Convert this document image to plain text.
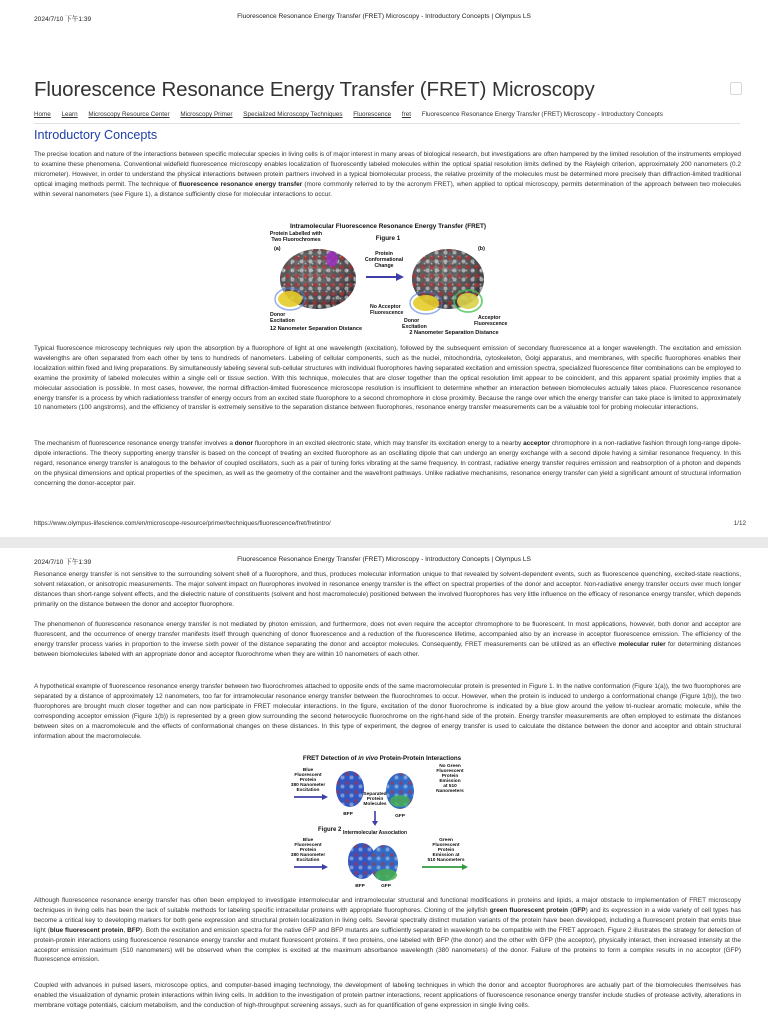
2024/7/10 下午1:39	Fluorescence Resonance Energy Transfer (FRET) Microscopy - Introductory Concepts | Olympus LS
Fluorescence Resonance Energy Transfer (FRET) Microscopy
Home Learn Microscopy Resource Center Microscopy Primer Specialized Microscopy Techniques Fluorescence fret Fluorescence Resonance Energy Transfer (FRET) Microscopy - Introductory Concepts
Introductory Concepts

The precise location and nature of the interactions between specific molecular species in living cells is of major interest in many areas of biological research, but investigations are often hampered by the limited resolution of the instruments employed to examine these phenomena. Conventional widefield fluorescence microscopy enables localization of fluorescently labeled molecules within the optical spatial resolution limits defined by the Rayleigh criterion, approximately 200 nanometers (0.2 micrometer). However, in order to understand the physical interactions between protein partners involved in a typical biomolecular process, the relative proximity of the molecules must be determined more precisely than diffraction-limited traditional optical imaging methods permit. The technique of fluorescence resonance energy transfer (more commonly referred to by the acronym FRET), when applied to optical microscopy, permits determination of the approach between two molecules within several nanometers (see Figure 1), a distance sufficiently close for molecular interactions to occur.

Intramolecular Fluorescence Resonance Energy Transfer (FRET)
Figure 1
Protein Labelled with
Two Fluorochromes
(a)	(b)
Protein
Conformational
Change
No Acceptor
Fluorescence
Donor
Excitation
12 Nanometer Separation Distance
Donor
Excitation
Acceptor
Fluorescence
2 Nanometer Separation Distance

Typical fluorescence microscopy techniques rely upon the absorption by a fluorophore of light at one wavelength (excitation), followed by the subsequent emission of secondary fluorescence at a longer wavelength. The excitation and emission wavelengths are often separated from each other by tens to hundreds of nanometers. Labeling of cellular components, such as the nuclei, mitochondria, cytoskeleton, Golgi apparatus, and membranes, with specific fluorophores enables their localization within fixed and living preparations. By simultaneously labeling several sub-cellular structures with individual fluorophores having separated excitation and emission spectra, specialized fluorescence filter combinations can be employed to examine the proximity of labeled molecules within a single cell or tissue section. With this technique, molecules that are closer together than the optical resolution limit appear to be coincident, and this apparent spatial proximity implies that a molecular association is possible. In most cases, however, the normal diffraction-limited fluorescence microscope resolution is insufficient to determine whether an interaction between biomolecules actually takes place. Fluorescence resonance energy transfer is a process by which radiationless transfer of energy occurs from an excited state fluorophore to a second chromophore in close proximity. Because the range over which the energy transfer can take place is limited to approximately 10 nanometers (100 angstroms), and the efficiency of transfer is extremely sensitive to the separation distance between fluorophores, resonance energy transfer measurements can be a valuable tool for probing molecular interactions.

The mechanism of fluorescence resonance energy transfer involves a donor fluorophore in an excited electronic state, which may transfer its excitation energy to a nearby acceptor chromophore in a non-radiative fashion through long-range dipole-dipole interactions. The theory supporting energy transfer is based on the concept of treating an excited fluorophore as an oscillating dipole that can undergo an energy exchange with a second dipole having a similar resonance frequency. In this regard, resonance energy transfer is analogous to the behavior of coupled oscillators, such as a pair of tuning forks vibrating at the same frequency. In contrast, radiative energy transfer requires emission and reabsorption of a photon and depends on the physical dimensions and optical properties of the specimen, as well as the geometry of the container and the wavefront pathways. Unlike radiative mechanisms, resonance energy transfer can yield a significant amount of structural information concerning the donor-acceptor pair.

https://www.olympus-lifescience.com/en/microscope-resource/primer/techniques/fluorescence/fret/fretintro/	1/12
2024/7/10 下午1:39	Fluorescence Resonance Energy Transfer (FRET) Microscopy - Introductory Concepts | Olympus LS

Resonance energy transfer is not sensitive to the surrounding solvent shell of a fluorophore, and thus, produces molecular information unique to that revealed by solvent-dependent events, such as fluorescence quenching, excited-state reactions, solvent relaxation, or anisotropic measurements. The major solvent impact on fluorophores involved in resonance energy transfer is the effect on spectral properties of the donor and acceptor. Non-radiative energy transfer occurs over much longer distances than short-range solvent effects, and the dielectric nature of constituents (solvent and host macromolecule) positioned between the involved fluorophores has very little influence on the efficacy of resonance energy transfer, which depends primarily on the distance between the donor and acceptor fluorophore.

The phenomenon of fluorescence resonance energy transfer is not mediated by photon emission, and furthermore, does not even require the acceptor chromophore to be fluorescent. In most applications, however, both donor and acceptor are fluorescent, and the occurrence of energy transfer manifests itself through quenching of donor fluorescence and a reduction of the fluorescence lifetime, accompanied also by an increase in acceptor fluorescence emission. The efficiency of the energy transfer process varies in proportion to the inverse sixth power of the distance separating the donor and acceptor molecules. Consequently, FRET measurements can be utilized as an effective molecular ruler for determining distances between biomolecules labeled with an appropriate donor and acceptor fluorochrome when they are within 10 nanometers of each other.

A hypothetical example of fluorescence resonance energy transfer between two fluorochromes attached to opposite ends of the same macromolecular protein is presented in Figure 1. In the native conformation (Figure 1(a)), the two fluorophores are separated by a distance of approximately 12 nanometers, too far for intramolecular resonance energy transfer between the fluorochromes to occur. However, when the protein is induced to undergo a conformational change (Figure 1(b)), the two fluorophores are brought much closer together and can now participate in FRET molecular interactions. In the figure, excitation of the donor fluorochrome is indicated by a blue glow around the yellow tri-nuclear aromatic molecule, while the corresponding acceptor emission (Figure 1(b)) is represented by a green glow surrounding the second heterocyclic fluorochrome on the right-hand side of the protein. Energy transfer measurements are often employed to estimate the distances between sites on a macromolecule and the effects of conformational changes on these distances. In this type of experiment, the degree of energy transfer is used to calculate the distance between the donor and acceptor and obtain structural information about the macromolecule.

FRET Detection of in vivo Protein-Protein Interactions
Blue
Fluorescent
Protein
380 Nanometer
Excitation
Separated
Protein
Molecules
BFP	GFP
No Green
Fluorescent
Protein
Emission
at 510
Nanometers
Figure 2 Intermolecular Association
Blue
Fluorescent
Protein
380 Nanometer
Excitation
BFP	GFP
Green
Fluorescent
Protein
Emission at
510 Nanometers

Although fluorescence resonance energy transfer has often been employed to investigate intermolecular and intramolecular structural and functional modifications in proteins and lipids, a major obstacle to implementation of FRET microscopy techniques in living cells has been the lack of suitable methods for labeling specific intracellular proteins with appropriate fluorophores. Cloning of the jellyfish green fluorescent protein (GFP) and its expression in a wide variety of cell types has become a critical key to developing markers for both gene expression and structural protein localization in living cells. Several spectrally distinct mutation variants of the protein have been developed, including a fluorescent protein that emits blue light (blue fluorescent protein, BFP). Both the excitation and emission spectra for the native GFP and BFP mutants are sufficiently separated in wavelength to be compatible with the FRET approach. Figure 2 illustrates the strategy for detection of protein-protein interactions using fluorescence resonance energy transfer and mutant fluorescent proteins. If two proteins, one labeled with BFP (the donor) and the other with GFP (the acceptor), physically interact, then increased intensity at the acceptor emission maximum (510 nanometers) will be observed when the complex is excited at the maximum absorbance wavelength (380 nanometers) of the donor. Failure of the proteins to form a complex results in no acceptor (GFP) fluorescence emission.

Coupled with advances in pulsed lasers, microscope optics, and computer-based imaging technology, the development of labeling techniques in which the donor and acceptor fluorophores are actually part of the biomolecules themselves has enabled the visualization of dynamic protein interactions within living cells. In addition to the investigation of protein partner interactions, recent applications of fluorescence resonance energy transfer include studies of protease activity, alterations in membrane voltage potentials, calcium metabolism, and the conduction of high-throughput screening assays, such as for quantification of gene expression in single living cells.
